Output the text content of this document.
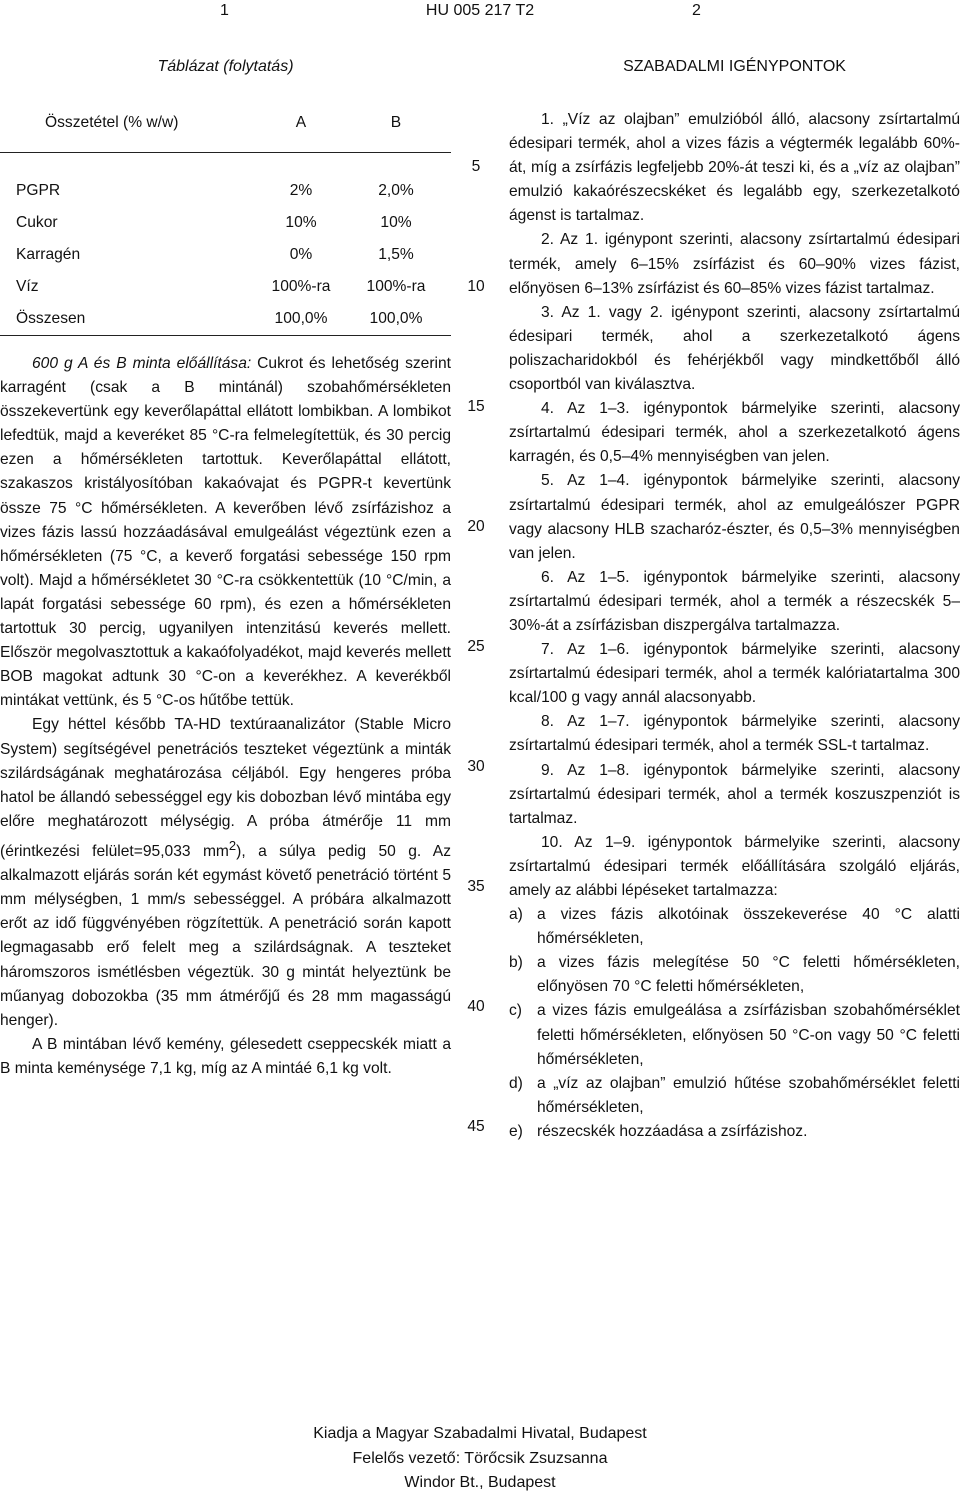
1	HU 005 217 T2	2
Táblázat (folytatás)
Összetétel (% w/w)	A	B

PGPR	2%	2,0%
Cukor	10%	10%
Karragén	0%	1,5%
Víz	100%-ra	100%-ra
Összesen	100,0%	100,0%

600 g A és B minta előállítása: Cukrot és lehetőség szerint karragént (csak a B mintánál) szobahőmérsékleten összekevertünk egy keverőlapáttal ellátott lombikban. A lombikot lefedtük, majd a keveréket 85 °C-ra felmelegítettük, és 30 percig ezen a hőmérsékleten tartottuk. Keverőlapáttal ellátott, szakaszos kristályosítóban kakaóvajat és PGPR-t kevertünk össze 75 °C hőmérsékleten. A keverőben lévő zsírfázishoz a vizes fázis lassú hozzáadásával emulgeálást végeztünk ezen a hőmérsékleten (75 °C, a keverő forgatási sebessége 150 rpm volt). Majd a hőmérsékletet 30 °C-ra csökkentettük (10 °C/min, a lapát forgatási sebessége 60 rpm), és ezen a hőmérsékleten tartottuk 30 percig, ugyanilyen intenzitású keverés mellett. Először megolvasztottuk a kakaófolyadékot, majd keverés mellett BOB magokat adtunk 30 °C-on a keverékhez. A keverékből mintákat vettünk, és 5 °C-os hűtőbe tettük.

Egy héttel később TA-HD textúraanalizátor (Stable Micro System) segítségével penetrációs teszteket végeztünk a minták szilárdságának meghatározása céljából. Egy hengeres próba hatol be állandó sebességgel egy kis dobozban lévő mintába egy előre meghatározott mélységig. A próba átmérője 11 mm (érintkezési felület=95,033 $mm^2$), a súlya pedig 50 g. Az alkalmazott eljárás során két egymást követő penetráció történt 5 mm mélységben, 1 mm/s sebességgel. A próbára alkalmazott erőt az idő függvényében rögzítettük. A penetráció során kapott legmagasabb erő felelt meg a szilárdságnak. A teszteket háromszoros ismétlésben végeztük. 30 g mintát helyeztünk be műanyag dobozokba (35 mm átmérőjű és 28 mm magasságú henger).

A B mintában lévő kemény, gélesedett cseppecskék miatt a B minta keménysége 7,1 kg, míg az A mintáé 6,1 kg volt.

5
10
15
20
25
30
35
40
45
SZABADALMI IGÉNYPONTOK

1. „Víz az olajban” emulzióból álló, alacsony zsírtartalmú édesipari termék, ahol a vizes fázis a végtermék legalább 60%-át, míg a zsírfázis legfeljebb 20%-át teszi ki, és a „víz az olajban” emulzió kakaórészecskéket és legalább egy, szerkezetalkotó ágenst is tartalmaz.

2. Az 1. igénypont szerinti, alacsony zsírtartalmú édesipari termék, amely 6–15% zsírfázist és 60–90% vizes fázist, előnyösen 6–13% zsírfázist és 60–85% vizes fázist tartalmaz.

3. Az 1. vagy 2. igénypont szerinti, alacsony zsírtartalmú édesipari termék, ahol a szerkezetalkotó ágens poliszacharidokból és fehérjékből vagy mindkettőből álló csoportból van kiválasztva.

4. Az 1–3. igénypontok bármelyike szerinti, alacsony zsírtartalmú édesipari termék, ahol a szerkezetalkotó ágens karragén, és 0,5–4% mennyiségben van jelen.

5. Az 1–4. igénypontok bármelyike szerinti, alacsony zsírtartalmú édesipari termék, ahol az emulgeálószer PGPR vagy alacsony HLB szacharóz-észter, és 0,5–3% mennyiségben van jelen.

6. Az 1–5. igénypontok bármelyike szerinti, alacsony zsírtartalmú édesipari termék, ahol a termék a részecskék 5–30%-át a zsírfázisban diszpergálva tartalmazza.

7. Az 1–6. igénypontok bármelyike szerinti, alacsony zsírtartalmú édesipari termék, ahol a termék kalóriatartalma 300 kcal/100 g vagy annál alacsonyabb.

8. Az 1–7. igénypontok bármelyike szerinti, alacsony zsírtartalmú édesipari termék, ahol a termék SSL-t tartalmaz.

9. Az 1–8. igénypontok bármelyike szerinti, alacsony zsírtartalmú édesipari termék, ahol a termék koszuszpenziót is tartalmaz.

10. Az 1–9. igénypontok bármelyike szerinti, alacsony zsírtartalmú édesipari termék előállítására szolgáló eljárás, amely az alábbi lépéseket tartalmazza:

a) a vizes fázis alkotóinak összekeverése 40 °C alatti hőmérsékleten,
b) a vizes fázis melegítése 50 °C feletti hőmérsékleten, előnyösen 70 °C feletti hőmérsékleten,
c) a vizes fázis emulgeálása a zsírfázisban szobahőmérséklet feletti hőmérsékleten, előnyösen 50 °C-on vagy 50 °C feletti hőmérsékleten,
d) a „víz az olajban” emulzió hűtése szobahőmérséklet feletti hőmérsékleten,
e) részecskék hozzáadása a zsírfázishoz.
Kiadja a Magyar Szabadalmi Hivatal, Budapest
Felelős vezető: Törőcsik Zsuzsanna
Windor Bt., Budapest
